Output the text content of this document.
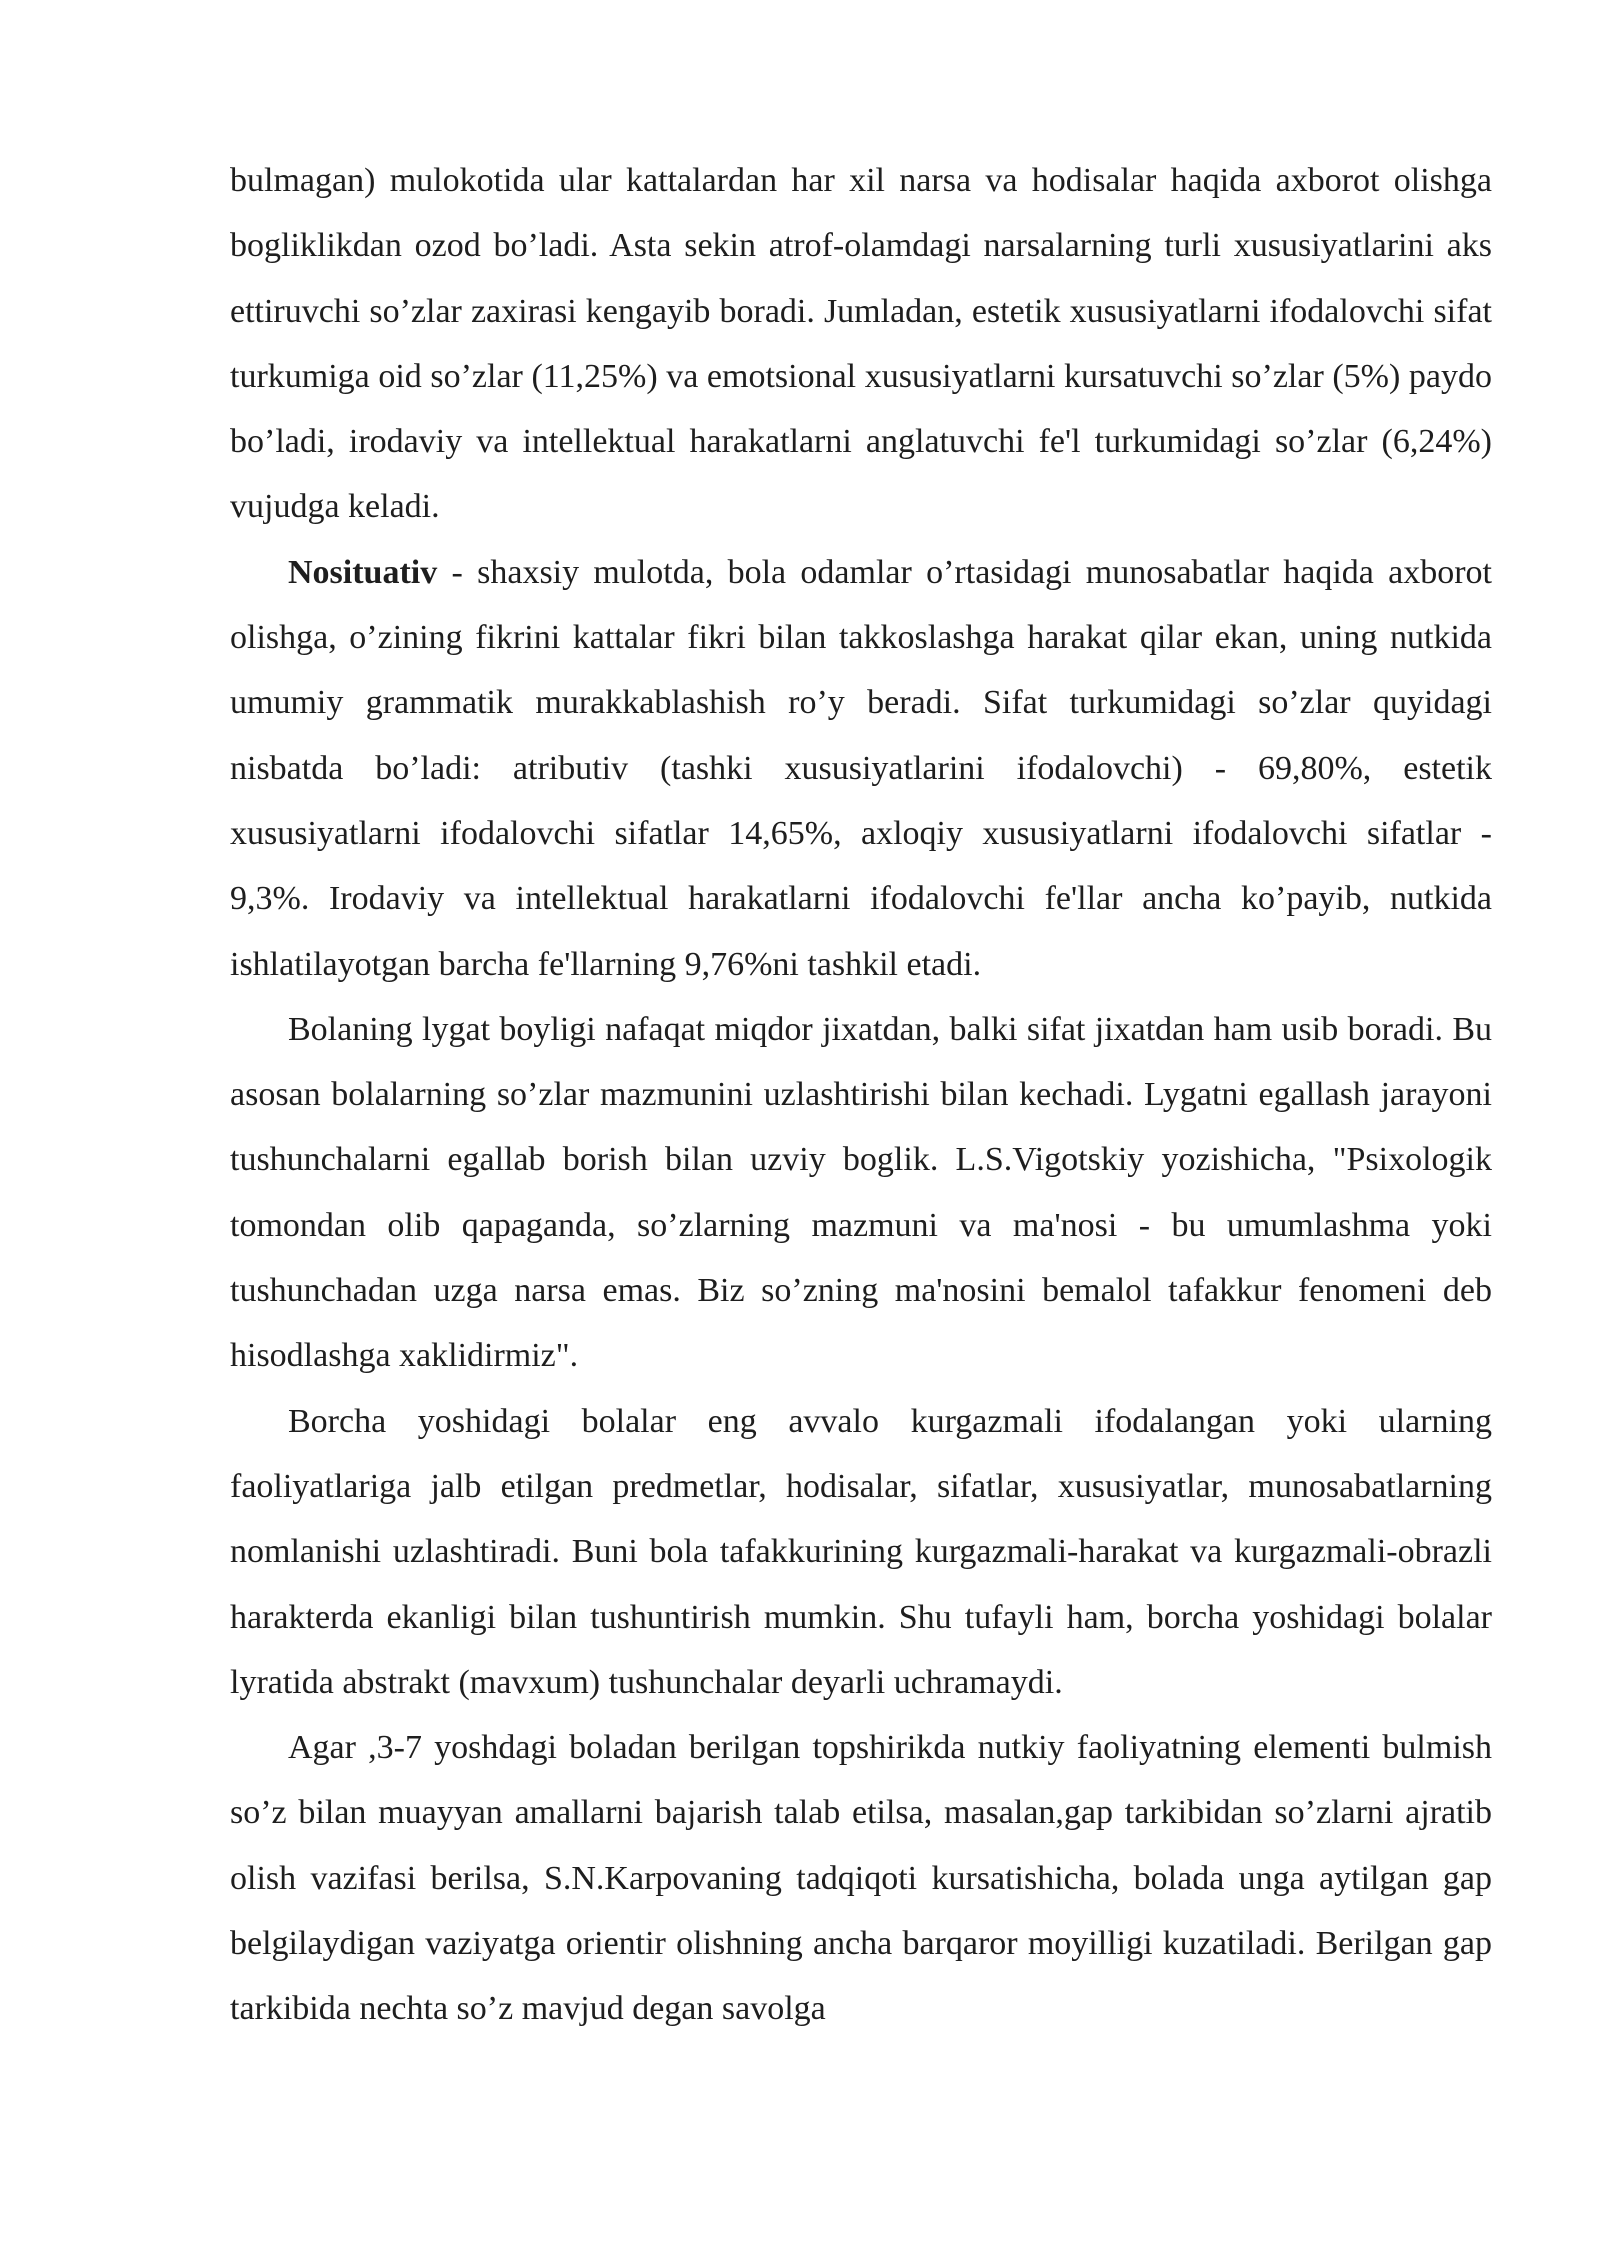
bulmagan) mulokotida ular kattalardan har xil narsa va hodisalar haqida axborot olishga bogliklikdan ozod bo’ladi. Asta sekin atrof-olamdagi narsalarning turli xususiyatlarini aks ettiruvchi so’zlar zaxirasi kengayib boradi. Jumladan, estetik xususiyatlarni ifodalovchi sifat turkumiga oid so’zlar (11,25%) va emotsional xususiyatlarni kursatuvchi so’zlar (5%) paydo bo’ladi, irodaviy va intellektual harakatlarni anglatuvchi fe'l turkumidagi so’zlar (6,24%) vujudga keladi.

Nosituativ - shaxsiy mulotda, bola odamlar o’rtasidagi munosabatlar haqida axborot olishga, o’zining fikrini kattalar fikri bilan takkoslashga harakat qilar ekan, uning nutkida umumiy grammatik murakkablashish ro’y beradi. Sifat turkumidagi so’zlar quyidagi nisbatda bo’ladi: atributiv (tashki xususiyatlarini ifodalovchi) - 69,80%, estetik xususiyatlarni ifodalovchi sifatlar 14,65%, axloqiy xususiyatlarni ifodalovchi sifatlar - 9,3%. Irodaviy va intellektual harakatlarni ifodalovchi fe'llar ancha ko’payib, nutkida ishlatilayotgan barcha fe'llarning 9,76%ni tashkil etadi.

Bolaning lygat boyligi nafaqat miqdor jixatdan, balki sifat jixatdan ham usib boradi. Bu asosan bolalarning so’zlar mazmunini uzlashtirishi bilan kechadi. Lygatni egallash jarayoni tushunchalarni egallab borish bilan uzviy boglik. L.S.Vigotskiy yozishicha, "Psixologik tomondan olib qapaganda, so’zlarning mazmuni va ma'nosi - bu umumlashma yoki tushunchadan uzga narsa emas. Biz so’zning ma'nosini bemalol tafakkur fenomeni deb hisodlashga xaklidirmiz".

Borcha yoshidagi bolalar eng avvalo kurgazmali ifodalangan yoki ularning faoliyatlariga jalb etilgan predmetlar, hodisalar, sifatlar, xususiyatlar, munosabatlarning nomlanishi uzlashtiradi. Buni bola tafakkurining kurgazmali-harakat va kurgazmali-obrazli harakterda ekanligi bilan tushuntirish mumkin. Shu tufayli ham, borcha yoshidagi bolalar lyratida abstrakt (mavxum) tushunchalar deyarli uchramaydi.

Agar ,3-7 yoshdagi boladan berilgan topshirikda nutkiy faoliyatning elementi bulmish so’z bilan muayyan amallarni bajarish talab etilsa, masalan,gap tarkibidan so’zlarni ajratib olish vazifasi berilsa, S.N.Karpovaning tadqiqoti kursatishicha, bolada unga aytilgan gap belgilaydigan vaziyatga orientir olishning ancha barqaror moyilligi kuzatiladi. Berilgan gap tarkibida nechta so’z mavjud degan savolga
